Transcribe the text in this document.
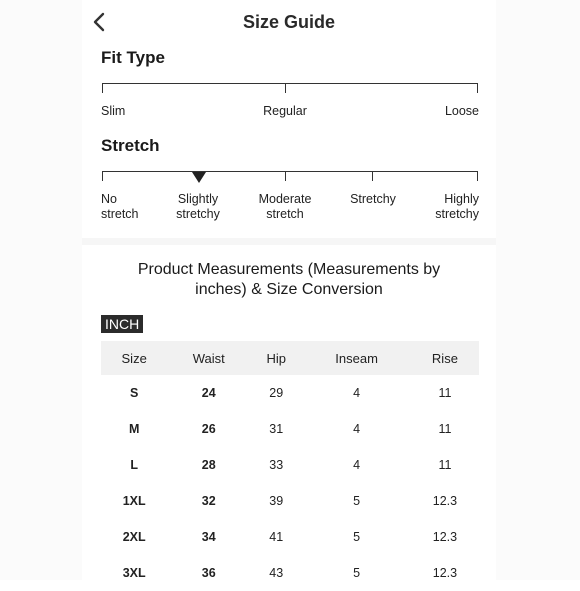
Size Guide
Fit Type
Slim	Regular	Loose
Stretch
No
stretch
Slightly
stretchy
Moderate
stretch
Stretchy	Highly
stretchy
Product Measurements (Measurements by inches) & Size Conversion
INCH
Size	Waist	Hip	Inseam	Rise
S	24	29	4	11
M	26	31	4	11
L	28	33	4	11
1XL	32	39	5	12.3
2XL	34	41	5	12.3
3XL	36	43	5	12.3
